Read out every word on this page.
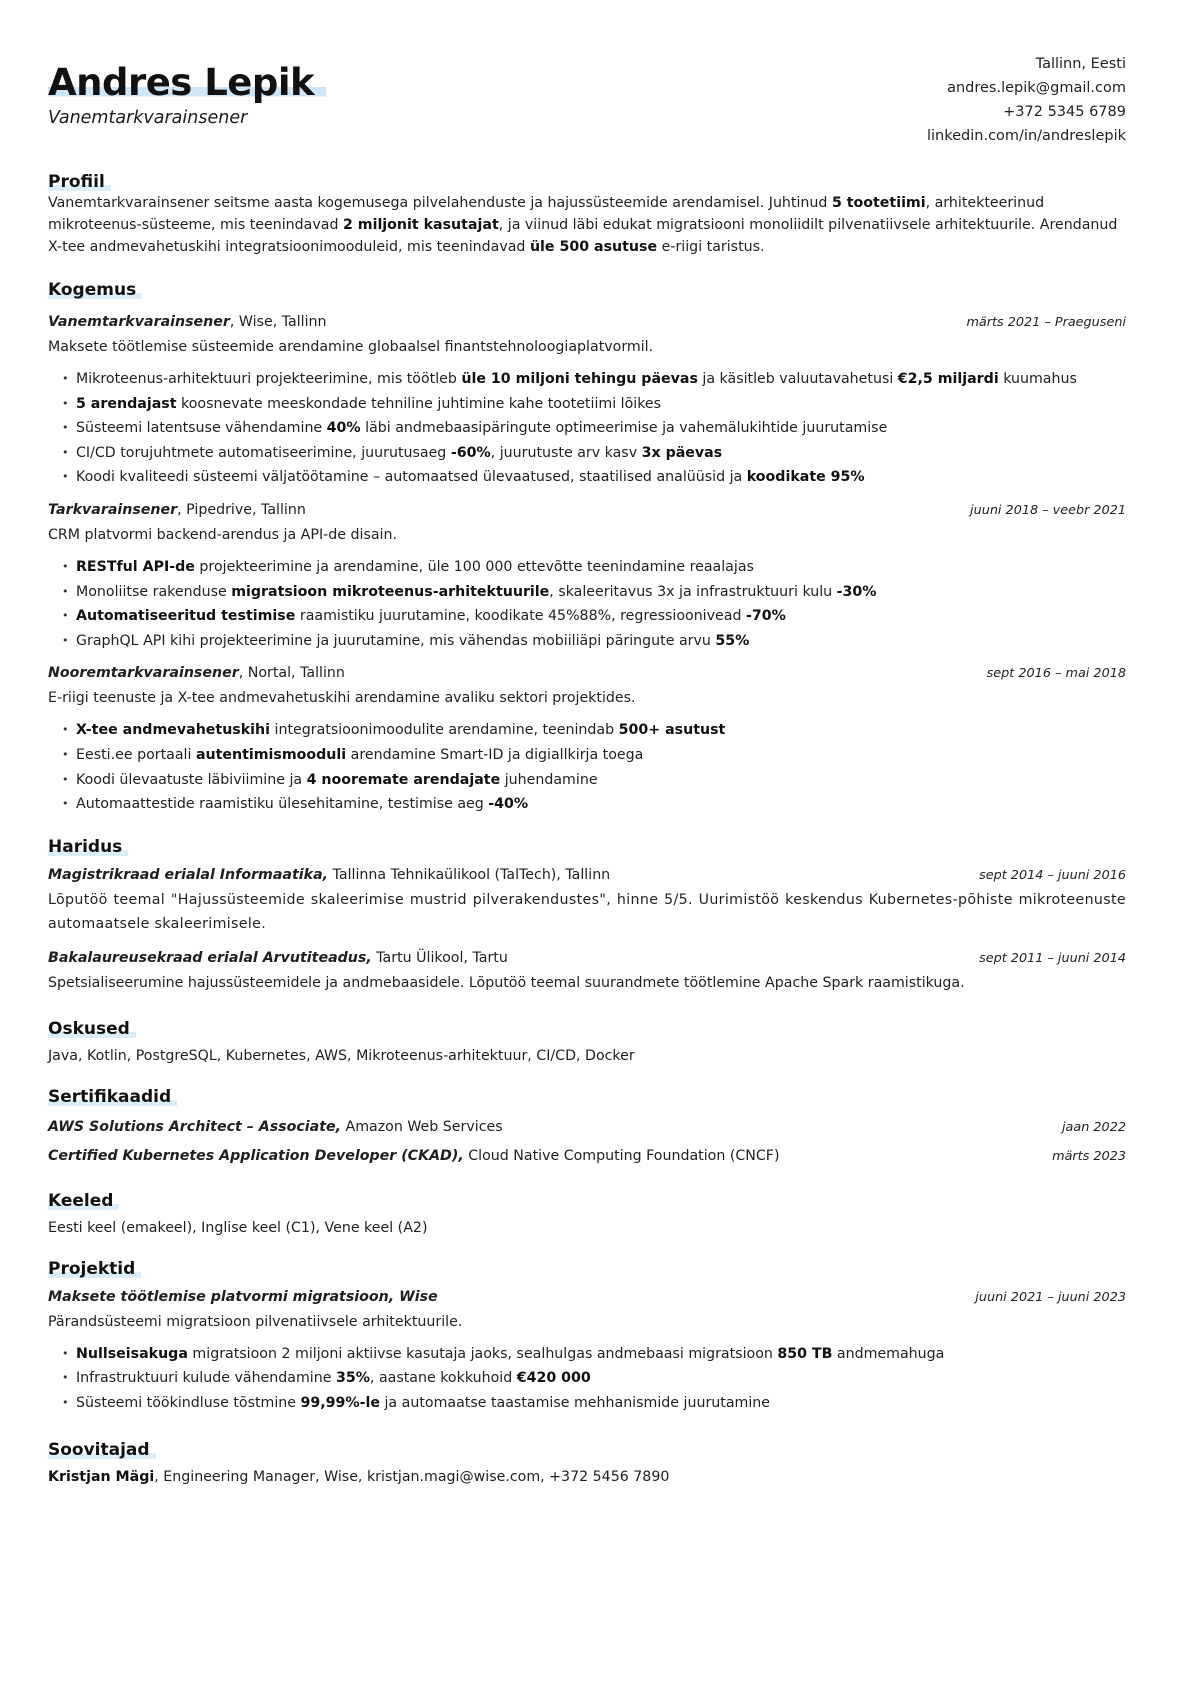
Andres Lepik
Vanemtarkvarainsener
Tallinn, Eesti
andres.lepik@gmail.com
+372 5345 6789
linkedin.com/in/andreslepik
Profiil
Vanemtarkvarainsener seitsme aasta kogemusega pilvelahenduste ja hajussüsteemide arendamisel. Juhtinud 5 tootetiimi, arhitekteerinud mikroteenus-süsteeme, mis teenindavad 2 miljonit kasutajat, ja viinud läbi edukat migratsiooni monoliidilt pilvenatiivsele arhitektuurile. Arendanud X-tee andmevahetuskihi integratsioonimooduleid, mis teenindavad üle 500 asutuse e-riigi taristus.
Kogemus
Vanemtarkvarainsener, Wise, Tallinn	märts 2021 – Praeguseni
Maksete töötlemise süsteemide arendamine globaalsel finantstehnoloogiaplatvormil.
• Mikroteenus-arhitektuuri projekteerimine, mis töötleb üle 10 miljoni tehingu päevas ja käsitleb valuutavahetusi €2,5 miljardi kuumahus
• 5 arendajast koosnevate meeskondade tehniline juhtimine kahe tootetiimi lõikes
• Süsteemi latentsuse vähendamine 40% läbi andmebaasipäringute optimeerimise ja vahemälukihtide juurutamise
• CI/CD torujuhtmete automatiseerimine, juurutusaeg -60%, juurutuste arv kasv 3x päevas
• Koodi kvaliteedi süsteemi väljatöötamine – automaatsed ülevaatused, staatilised analüüsid ja koodikate 95%
Tarkvarainsener, Pipedrive, Tallinn	juuni 2018 – veebr 2021
CRM platvormi backend-arendus ja API-de disain.
• RESTful API-de projekteerimine ja arendamine, üle 100 000 ettevõtte teenindamine reaalajas
• Monoliitse rakenduse migratsioon mikroteenus-arhitektuurile, skaleeritavus 3x ja infrastruktuuri kulu -30%
• Automatiseeritud testimise raamistiku juurutamine, koodikate 45%88%, regressioonivead -70%
• GraphQL API kihi projekteerimine ja juurutamine, mis vähendas mobiiliäpi päringute arvu 55%
Nooremtarkvarainsener, Nortal, Tallinn	sept 2016 – mai 2018
E-riigi teenuste ja X-tee andmevahetuskihi arendamine avaliku sektori projektides.
• X-tee andmevahetuskihi integratsioonimoodulite arendamine, teenindab 500+ asutust
• Eesti.ee portaali autentimismooduli arendamine Smart-ID ja digiallkirja toega
• Koodi ülevaatuste läbiviimine ja 4 nooremate arendajate juhendamine
• Automaattestide raamistiku ülesehitamine, testimise aeg -40%
Haridus
Magistrikraad erialal Informaatika, Tallinna Tehnikaülikool (TalTech), Tallinn	sept 2014 – juuni 2016
Lõputöö teemal "Hajussüsteemide skaleerimise mustrid pilverakendustes", hinne 5/5. Uurimistöö keskendus Kubernetes-põhiste mikroteenuste automaatsele skaleerimisele.
Bakalaureusekraad erialal Arvutiteadus, Tartu Ülikool, Tartu	sept 2011 – juuni 2014
Spetsialiseerumine hajussüsteemidele ja andmebaasidele. Lõputöö teemal suurandmete töötlemine Apache Spark raamistikuga.
Oskused
Java, Kotlin, PostgreSQL, Kubernetes, AWS, Mikroteenus-arhitektuur, CI/CD, Docker
Sertifikaadid
AWS Solutions Architect – Associate, Amazon Web Services	jaan 2022
Certified Kubernetes Application Developer (CKAD), Cloud Native Computing Foundation (CNCF)	märts 2023
Keeled
Eesti keel (emakeel), Inglise keel (C1), Vene keel (A2)
Projektid
Maksete töötlemise platvormi migratsioon, Wise	juuni 2021 – juuni 2023
Pärandsüsteemi migratsioon pilvenatiivsele arhitektuurile.
• Nullseisakuga migratsioon 2 miljoni aktiivse kasutaja jaoks, sealhulgas andmebaasi migratsioon 850 TB andmemahuga
• Infrastruktuuri kulude vähendamine 35%, aastane kokkuhoid €420 000
• Süsteemi töökindluse tõstmine 99,99%-le ja automaatse taastamise mehhanismide juurutamine
Soovitajad
Kristjan Mägi, Engineering Manager, Wise, kristjan.magi@wise.com, +372 5456 7890
